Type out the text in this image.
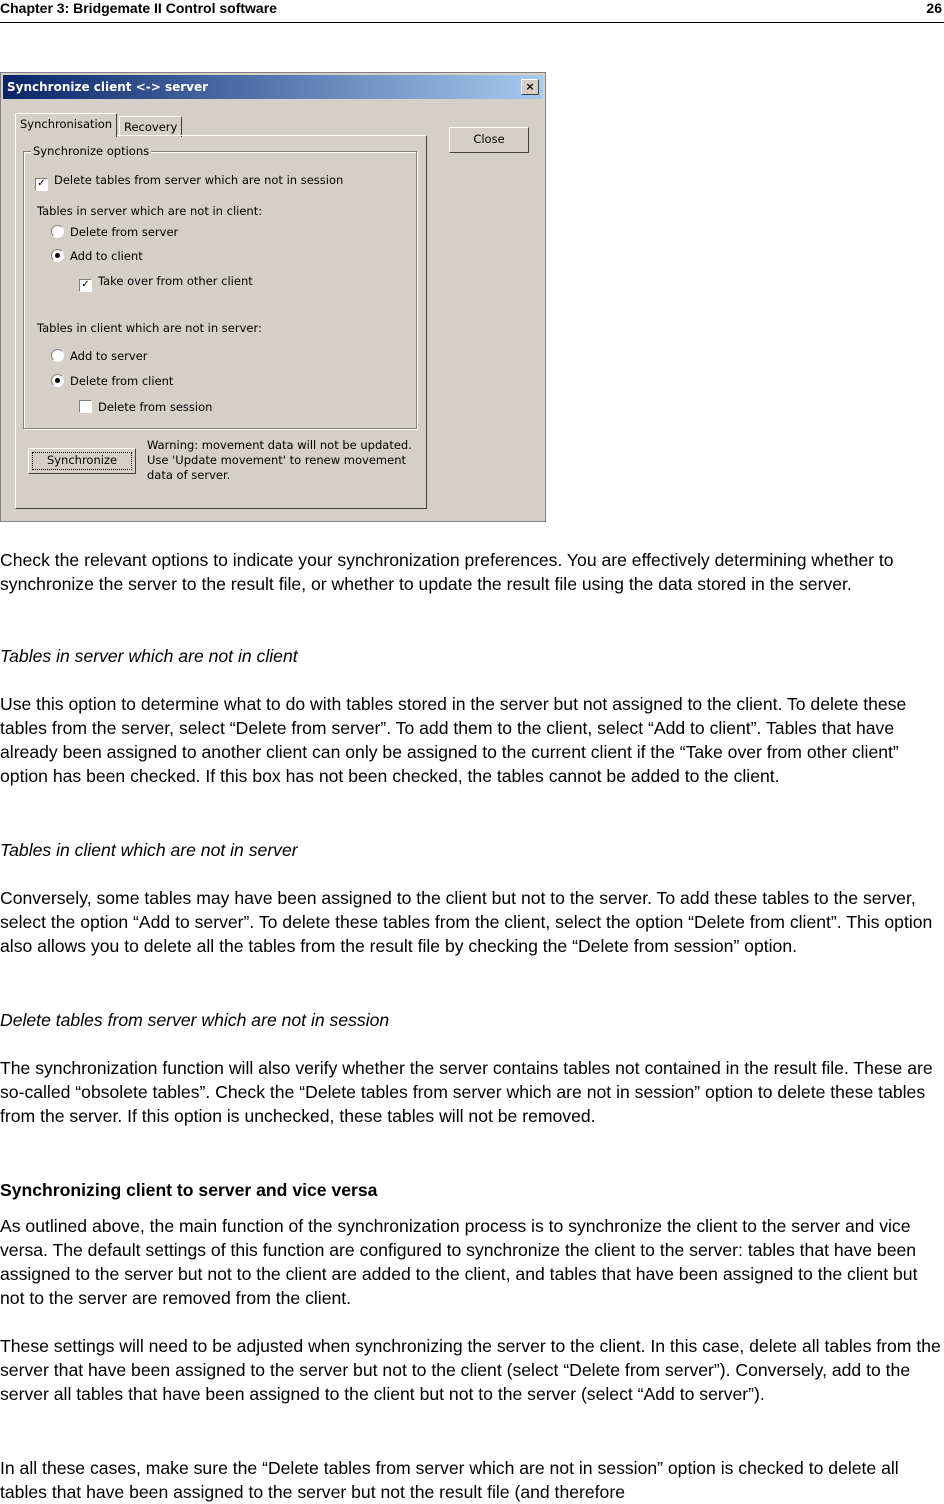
Chapter 3: Bridgemate II Control software	26
Synchronize client <-> server	×
Synchronisation	Recovery
Close
Synchronize options
✓ Delete tables from server which are not in session
Tables in server which are not in client:
Delete from server
Add to client
✓ Take over from other client
Tables in client which are not in server:
Add to server
Delete from client
Delete from session
Synchronize
Warning: movement data will not be updated. Use 'Update movement' to renew movement data of server.

Check the relevant options to indicate your synchronization preferences. You are effectively determining whether to synchronize the server to the result file, or whether to update the result file using the data stored in the server.

Tables in server which are not in client

Use this option to determine what to do with tables stored in the server but not assigned to the client. To delete these tables from the server, select “Delete from server”. To add them to the client, select “Add to client”. Tables that have already been assigned to another client can only be assigned to the current client if the “Take over from other client” option has been checked. If this box has not been checked, the tables cannot be added to the client.

Tables in client which are not in server

Conversely, some tables may have been assigned to the client but not to the server. To add these tables to the server, select the option “Add to server”. To delete these tables from the client, select the option “Delete from client”. This option also allows you to delete all the tables from the result file by checking the “Delete from session” option.

Delete tables from server which are not in session

The synchronization function will also verify whether the server contains tables not contained in the result file. These are so-called “obsolete tables”. Check the “Delete tables from server which are not in session” option to delete these tables from the server. If this option is unchecked, these tables will not be removed.

Synchronizing client to server and vice versa

As outlined above, the main function of the synchronization process is to synchronize the client to the server and vice versa. The default settings of this function are configured to synchronize the client to the server: tables that have been assigned to the server but not to the client are added to the client, and tables that have been assigned to the client but not to the server are removed from the client.

These settings will need to be adjusted when synchronizing the server to the client. In this case, delete all tables from the server that have been assigned to the server but not to the client (select “Delete from server”). Conversely, add to the server all tables that have been assigned to the client but not to the server (select “Add to server”).

In all these cases, make sure the “Delete tables from server which are not in session” option is checked to delete all tables that have been assigned to the server but not the result file (and therefore
